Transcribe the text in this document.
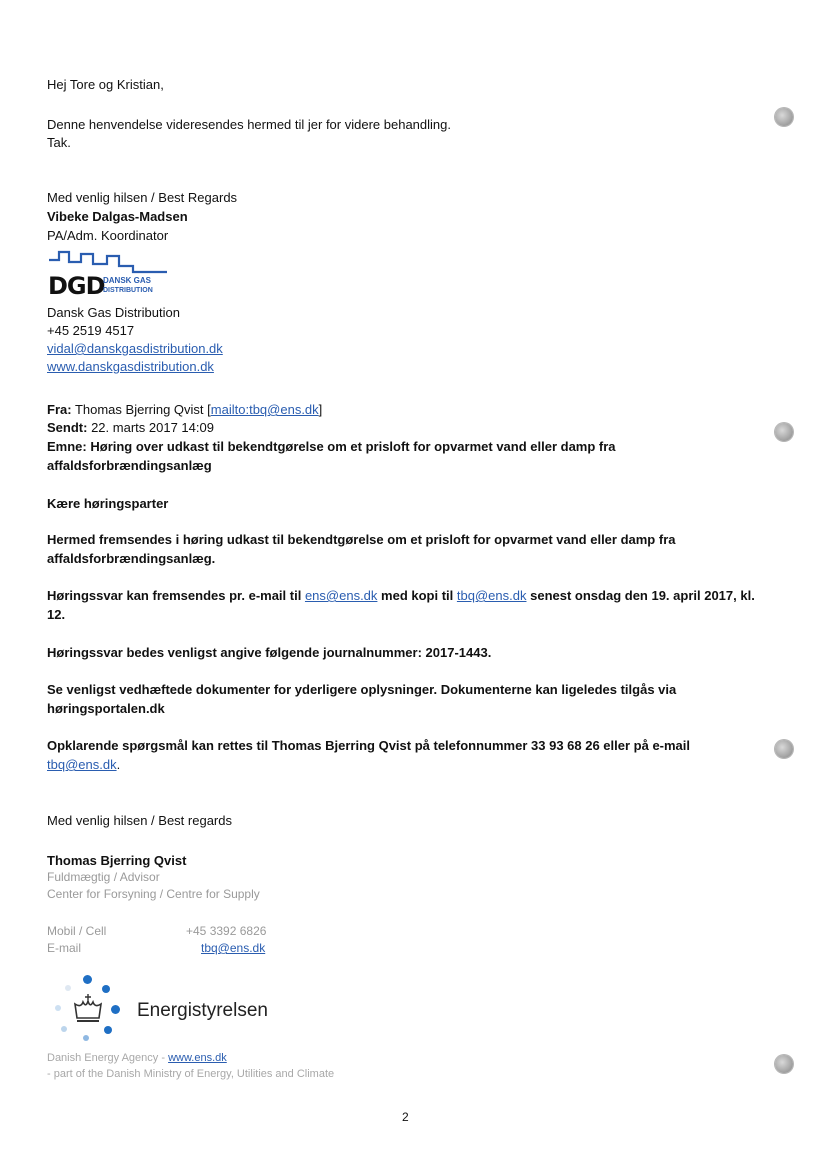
Hej Tore og Kristian,
Denne henvendelse videresendes hermed til jer for videre behandling.
Tak.
Med venlig hilsen / Best Regards
Vibeke Dalgas-Madsen
PA/Adm. Koordinator
DGD
DANSK GAS
DISTRIBUTION
Dansk Gas Distribution
+45 2519 4517
vidal@danskgasdistribution.dk
www.danskgasdistribution.dk
Fra: Thomas Bjerring Qvist [mailto:tbq@ens.dk]
Sendt: 22. marts 2017 14:09
Emne: Høring over udkast til bekendtgørelse om et prisloft for opvarmet vand eller damp fra
affaldsforbrændingsanlæg
Kære høringsparter
Hermed fremsendes i høring udkast til bekendtgørelse om et prisloft for opvarmet vand eller damp fra
affaldsforbrændingsanlæg.
Høringssvar kan fremsendes pr. e-mail til ens@ens.dk med kopi til tbq@ens.dk senest onsdag den 19. april 2017, kl.
12.
Høringssvar bedes venligst angive følgende journalnummer: 2017-1443.
Se venligst vedhæftede dokumenter for yderligere oplysninger. Dokumenterne kan ligeledes tilgås via
høringsportalen.dk
Opklarende spørgsmål kan rettes til Thomas Bjerring Qvist på telefonnummer 33 93 68 26 eller på e-mail
tbq@ens.dk.
Med venlig hilsen / Best regards
Thomas Bjerring Qvist
Fuldmægtig / Advisor
Center for Forsyning / Centre for Supply
Mobil / Cell	+45 3392 6826
E-mail	tbq@ens.dk
Energistyrelsen
Danish Energy Agency - www.ens.dk
- part of the Danish Ministry of Energy, Utilities and Climate
2
